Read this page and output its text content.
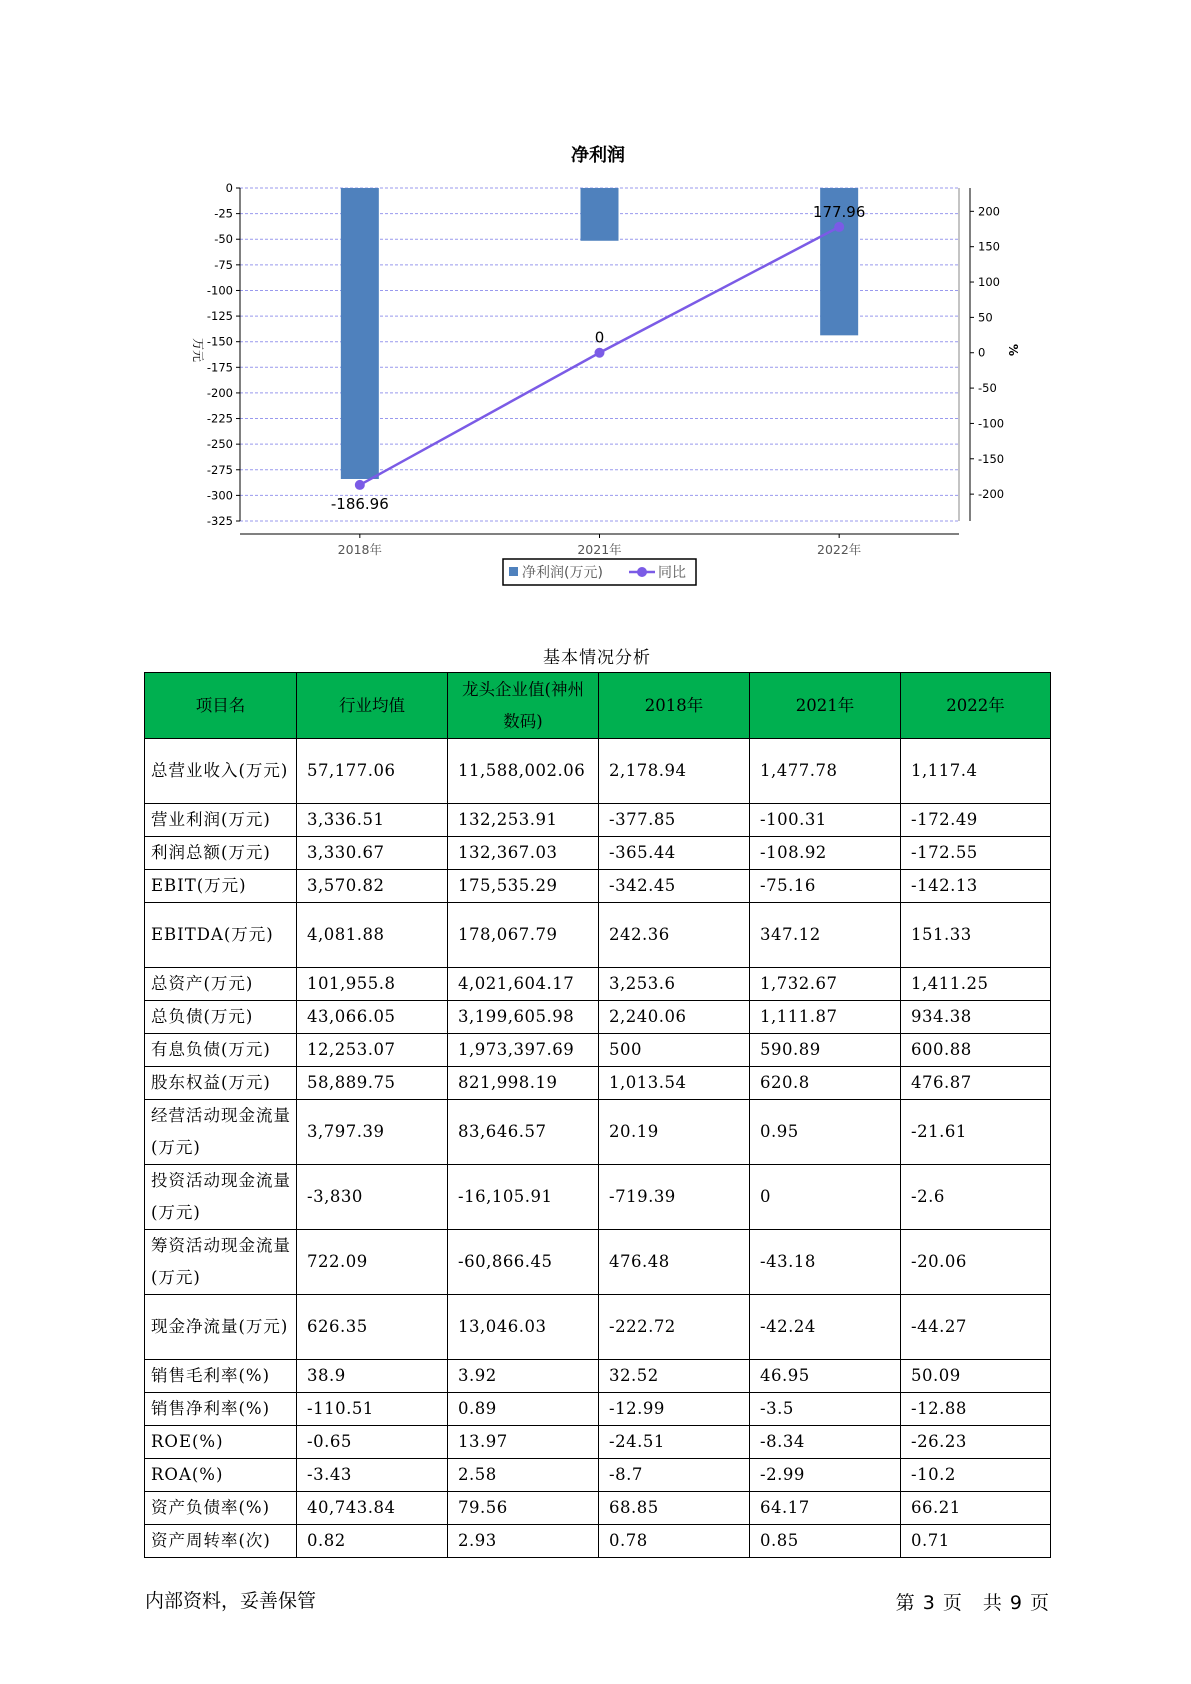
净利润
0
-25
-50
-75
-100
-125
-150
-175
-200
-225
-250
-275
-300
-325
200
150
100
50
0
-50
-100
-150
-200
2018年	2021年	2022年
-186.96
0
177.96
万元	%
净利润(万元)	同比
基本情况分析
项目名	行业均值	龙头企业值(神州数码)	2018年	2021年	2022年
总营业收入(万元)	57,177.06	11,588,002.06	2,178.94	1,477.78	1,117.4
营业利润(万元)	3,336.51	132,253.91	-377.85	-100.31	-172.49
利润总额(万元)	3,330.67	132,367.03	-365.44	-108.92	-172.55
EBIT(万元)	3,570.82	175,535.29	-342.45	-75.16	-142.13
EBITDA(万元)	4,081.88	178,067.79	242.36	347.12	151.33
总资产(万元)	101,955.8	4,021,604.17	3,253.6	1,732.67	1,411.25
总负债(万元)	43,066.05	3,199,605.98	2,240.06	1,111.87	934.38
有息负债(万元)	12,253.07	1,973,397.69	500	590.89	600.88
股东权益(万元)	58,889.75	821,998.19	1,013.54	620.8	476.87
经营活动现金流量(万元)	3,797.39	83,646.57	20.19	0.95	-21.61
投资活动现金流量(万元)	-3,830	-16,105.91	-719.39	0	-2.6
筹资活动现金流量(万元)	722.09	-60,866.45	476.48	-43.18	-20.06
现金净流量(万元)	626.35	13,046.03	-222.72	-42.24	-44.27
销售毛利率(%)	38.9	3.92	32.52	46.95	50.09
销售净利率(%)	-110.51	0.89	-12.99	-3.5	-12.88
ROE(%)	-0.65	13.97	-24.51	-8.34	-26.23
ROA(%)	-3.43	2.58	-8.7	-2.99	-10.2
资产负债率(%)	40,743.84	79.56	68.85	64.17	66.21
资产周转率(次)	0.82	2.93	0.78	0.85	0.71
内部资料，妥善保管	第 3 页　共 9 页
